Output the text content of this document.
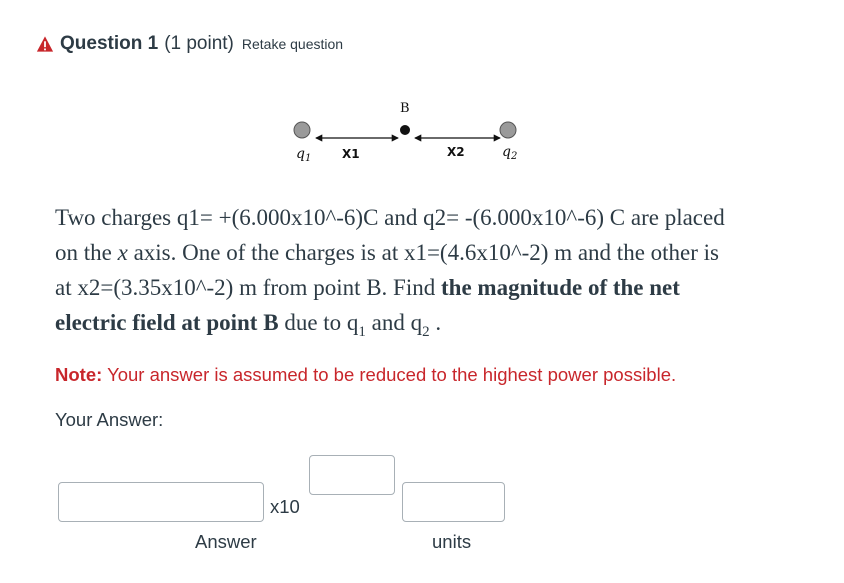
Question 1 (1 point) Retake question
B
$q_1$	X1	X2	$q_2$
Two charges q1= +(6.000x10^-6)C and q2= -(6.000x10^-6) C are placed
on the x axis. One of the charges is at x1=(4.6x10^-2) m and the other is
at x2=(3.35x10^-2) m from point B. Find the magnitude of the net
electric field at point B due to $q_1$ and $q_2$ .
Note: Your answer is assumed to be reduced to the highest power possible.
Your Answer:
x10
Answer	units
